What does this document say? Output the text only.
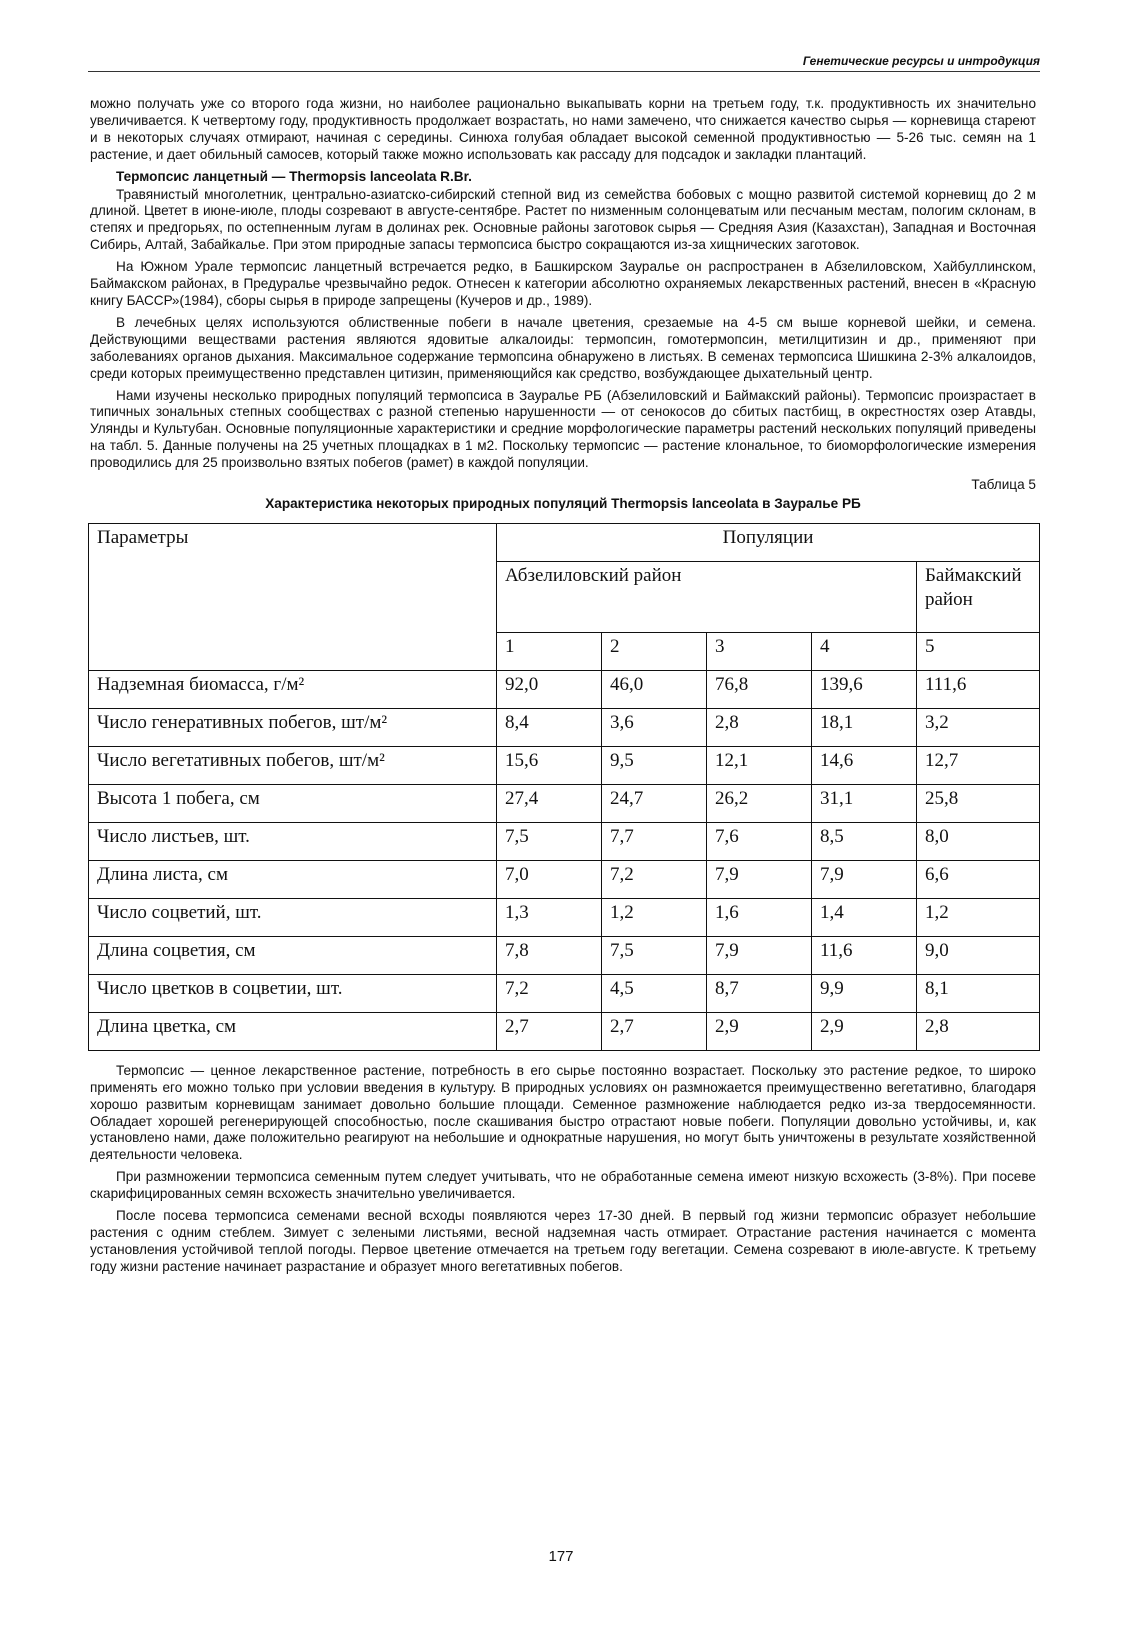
Генетические ресурсы и интродукция

можно получать уже со второго года жизни, но наиболее рационально выкапывать корни на третьем году, т.к. продуктивность их значительно увеличивается. К четвертому году, продуктивность продолжает возрастать, но нами замечено, что снижается качество сырья — корневища стареют и в некоторых случаях отмирают, начиная с середины. Синюха голубая обладает высокой семенной продуктивностью — 5-26 тыс. семян на 1 растение, и дает обильный самосев, который также можно использовать как рассаду для подсадок и закладки плантаций.

Термопсис ланцетный — Thermopsis lanceolata R.Br.

Травянистый многолетник, центрально-азиатско-сибирский степной вид из семейства бобовых с мощно развитой системой корневищ до 2 м длиной. Цветет в июне-июле, плоды созревают в августе-сентябре. Растет по низменным солонцеватым или песчаным местам, пологим склонам, в степях и предгорьях, по остепненным лугам в долинах рек. Основные районы заготовок сырья — Средняя Азия (Казахстан), Западная и Восточная Сибирь, Алтай, Забайкалье. При этом природные запасы термопсиса быстро сокращаются из-за хищнических заготовок.

На Южном Урале термопсис ланцетный встречается редко, в Башкирском Зауралье он распространен в Абзелиловском, Хайбуллинском, Баймакском районах, в Предуралье чрезвычайно редок. Отнесен к категории абсолютно охраняемых лекарственных растений, внесен в «Красную книгу БАССР»(1984), сборы сырья в природе запрещены (Кучеров и др., 1989).

В лечебных целях используются облиственные побеги в начале цветения, срезаемые на 4-5 см выше корневой шейки, и семена. Действующими веществами растения являются ядовитые алкалоиды: термопсин, гомотермопсин, метилцитизин и др., применяют при заболеваниях органов дыхания. Максимальное содержание термопсина обнаружено в листьях. В семенах термопсиса Шишкина 2-3% алкалоидов, среди которых преимущественно представлен цитизин, применяющийся как средство, возбуждающее дыхательный центр.

Нами изучены несколько природных популяций термопсиса в Зауралье РБ (Абзелиловский и Баймакский районы). Термопсис произрастает в типичных зональных степных сообществах с разной степенью нарушенности — от сенокосов до сбитых пастбищ, в окрестностях озер Атавды, Улянды и Культубан. Основные популяционные характеристики и средние морфологические параметры растений нескольких популяций приведены на табл. 5. Данные получены на 25 учетных площадках в 1 м2. Поскольку термопсис — растение клональное, то биоморфологические измерения проводились для 25 произвольно взятых побегов (рамет) в каждой популяции.

Таблица 5
Характеристика некоторых природных популяций Thermopsis lanceolata в Зауралье РБ
Параметры	Популяции				
	Абзелиловский район				Баймакский
район
	1	2	3	4	5
Надземная биомасса, г/м²	92,0	46,0	76,8	139,6	111,6
Число генеративных побегов, шт/м²	8,4	3,6	2,8	18,1	3,2
Число вегетативных побегов, шт/м²	15,6	9,5	12,1	14,6	12,7
Высота 1 побега, см	27,4	24,7	26,2	31,1	25,8
Число листьев, шт.	7,5	7,7	7,6	8,5	8,0
Длина листа, см	7,0	7,2	7,9	7,9	6,6
Число соцветий, шт.	1,3	1,2	1,6	1,4	1,2
Длина соцветия, см	7,8	7,5	7,9	11,6	9,0
Число цветков в соцветии, шт.	7,2	4,5	8,7	9,9	8,1
Длина цветка, см	2,7	2,7	2,9	2,9	2,8

Термопсис — ценное лекарственное растение, потребность в его сырье постоянно возрастает. Поскольку это растение редкое, то широко применять его можно только при условии введения в культуру. В природных условиях он размножается преимущественно вегетативно, благодаря хорошо развитым корневищам занимает довольно большие площади. Семенное размножение наблюдается редко из-за твердосемянности. Обладает хорошей регенерирующей способностью, после скашивания быстро отрастают новые побеги. Популяции довольно устойчивы, и, как установлено нами, даже положительно реагируют на небольшие и однократные нарушения, но могут быть уничтожены в результате хозяйственной деятельности человека.

При размножении термопсиса семенным путем следует учитывать, что не обработанные семена имеют низкую всхожесть (3-8%). При посеве скарифицированных семян всхожесть значительно увеличивается.

После посева термопсиса семенами весной всходы появляются через 17-30 дней. В первый год жизни термопсис образует небольшие растения с одним стеблем. Зимует с зелеными листьями, весной надземная часть отмирает. Отрастание растения начинается с момента установления устойчивой теплой погоды. Первое цветение отмечается на третьем году вегетации. Семена созревают в июле-августе. К третьему году жизни растение начинает разрастание и образует много вегетативных побегов.

177
